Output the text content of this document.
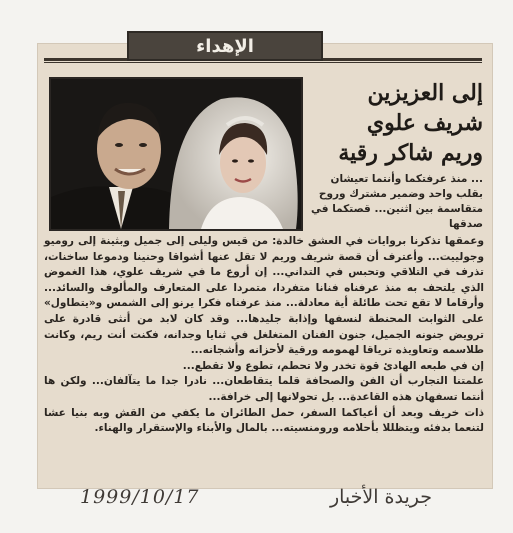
الإهداء
إلى العزيزين
شريف علوي
وريم شاكر رقية
... منذ عرفتكما وأنتما تعيشان بقلب واحد وضمير مشترك وروح متقاسمة بين اثنين... قصتكما في صدقها

وعمقها تذكرنا بروايات في العشق خالدة: من قيس وليلى إلى جميل وبثينة إلى روميو وجولييت... وأعترف أن قصة شريف وريم لا تقل عنها أشواقا وحنينا ودموعا ساخنات، تذرف في التلاقي وتحبس في التداني... إن أروع ما في شريف علوي، هذا الغموض الذي يلتحف به منذ عرفناه فنانا متفردا، متمردا على المتعارف والمألوف والسائد... وأرقاما لا تقع تحت طائلة أية معادلة... منذ عرفناه فكرا يرنو إلى الشمس و«يتطاول» على الثوابت المحنطة لنسفها وإذابة جليدها... وقد كان لابد من أنثى قادرة على ترويض جنونه الجميل، جنون الفنان المتغلغل في ثنايا وجدانه، فكنت أنت ريم، وكانت طلاسمه وتعاويذه ترياقا لهمومه ورقية لأحزانه وأشجانه...

إن في طبعه الهادئ قوة تخدر ولا تحطم، تطوع ولا تقطع...

علمتنا التجارب أن الفن والصحافة قلما يتقاطعان... نادرا جدا ما يتآلفان... ولكن ها أنتما تسفهان هذه القاعدة... بل تحولانها إلى خرافة...

ذات خريف وبعد أن أعياكما السفر، حمل الطائران ما يكفي من القش وبه بنيا عشا لتنعما بدفئه ويتظللا بأحلامه ورومنسيته... بالمال والأبناء والإستقرار والهناء.

1999/10/17	جريدة الأخبار
